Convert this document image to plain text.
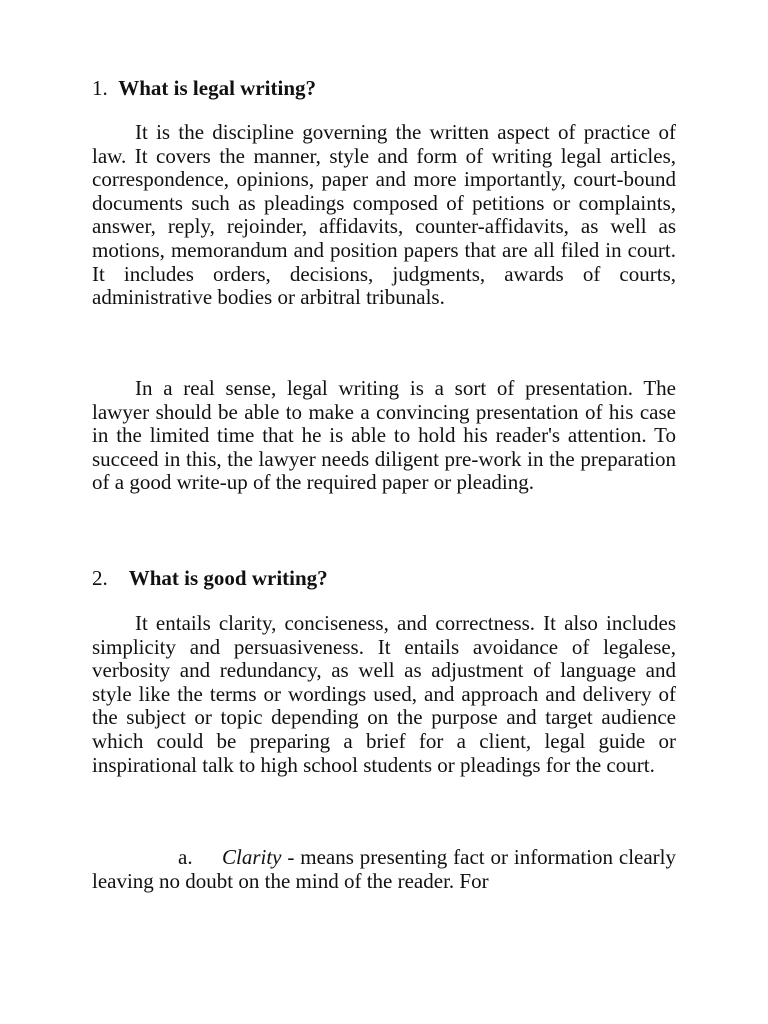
1. What is legal writing?

It is the discipline governing the written aspect of practice of law. It covers the manner, style and form of writing legal articles, correspondence, opinions, paper and more importantly, court-bound documents such as pleadings composed of petitions or complaints, answer, reply, rejoinder, affidavits, counter-affidavits, as well as motions, memorandum and position papers that are all filed in court. It includes orders, decisions, judgments, awards of courts, administrative bodies or arbitral tribunals.

In a real sense, legal writing is a sort of presentation. The lawyer should be able to make a convincing presentation of his case in the limited time that he is able to hold his reader's attention. To succeed in this, the lawyer needs diligent pre-work in the preparation of a good write-up of the required paper or pleading.

2. What is good writing?

It entails clarity, conciseness, and correctness. It also includes simplicity and persuasiveness. It entails avoidance of legalese, verbosity and redundancy, as well as adjustment of language and style like the terms or wordings used, and approach and delivery of the subject or topic depending on the purpose and target audience which could be preparing a brief for a client, legal guide or inspirational talk to high school students or pleadings for the court.

a. Clarity - means presenting fact or information clearly leaving no doubt on the mind of the reader. For
